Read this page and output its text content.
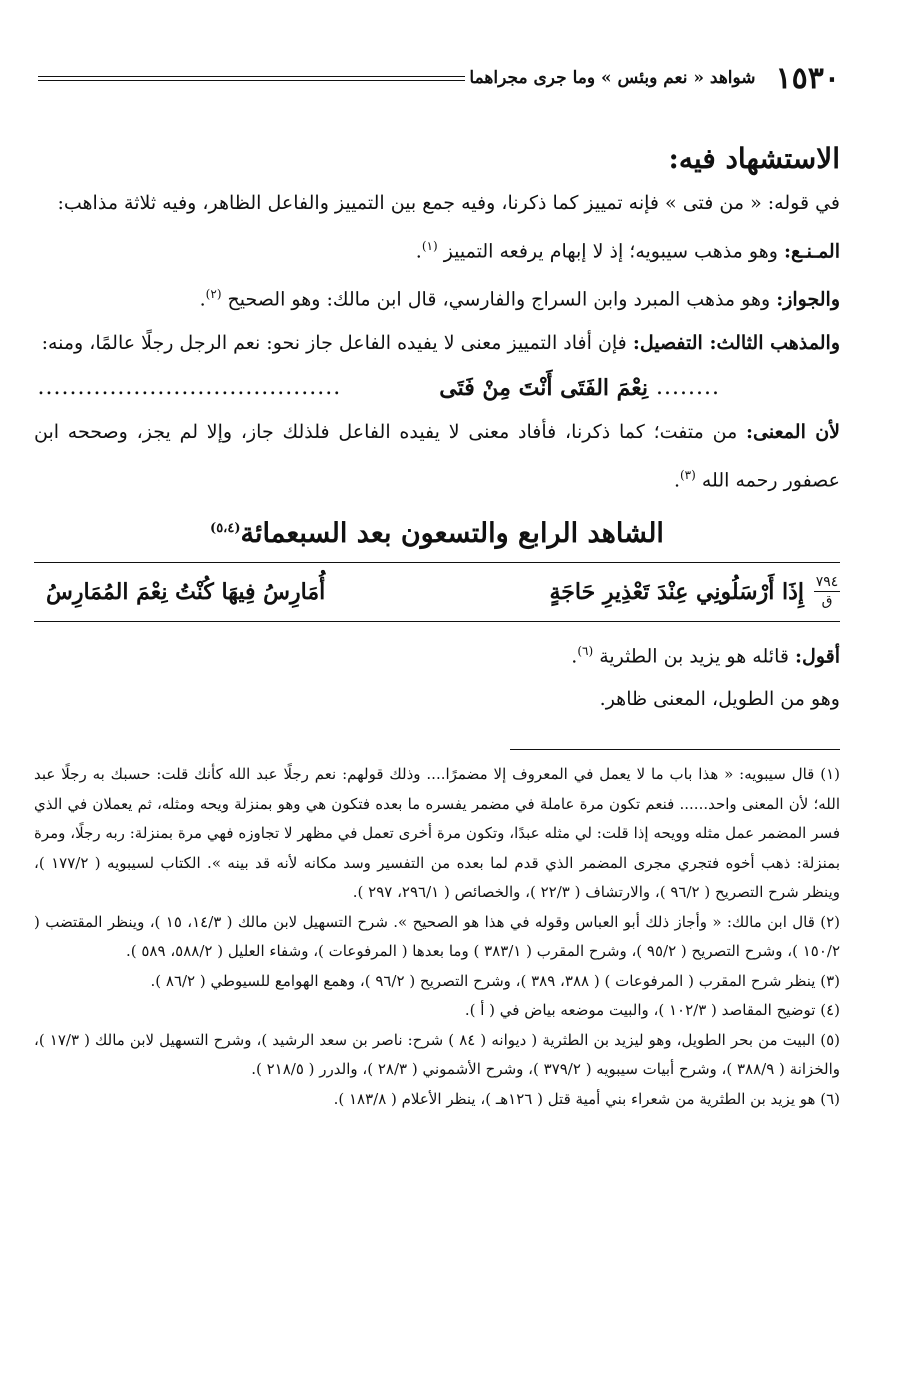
١٥٣٠
شواهد « نعم وبئس » وما جرى مجراهما
الاستشهاد فيه:
في قوله: « من فتى » فإنه تمييز كما ذكرنا، وفيه جمع بين التمييز والفاعل الظاهر، وفيه ثلاثة مذاهب:
المـنـع: وهو مذهب سيبويه؛ إذ لا إبهام يرفعه التمييز $^{(١)}$.
والجواز: وهو مذهب المبرد وابن السراج والفارسي، قال ابن مالك: وهو الصحيح $^{(٢)}$.
والمذهب الثالث: التفصيل: فإن أفاد التمييز معنى لا يفيده الفاعل جاز نحو: نعم الرجل رجلًا عالمًا، ومنه:
........
نِعْمَ الفَتَى أَنْتَ مِنْ فَتَى
......................................
لأن المعنى: من متفت؛ كما ذكرنا، فأفاد معنى لا يفيده الفاعل فلذلك جاز، وإلا لم يجز، وصححه ابن عصفور رحمه الله $^{(٣)}$.
الشاهد الرابع والتسعون بعد السبعمائة$^{(٥،٤)}$
٧٩٤
ق
إِذَا أَرْسَلُونِي عِنْدَ تَعْذِيرِ حَاجَةٍ
أُمَارِسُ فِيهَا كُنْتُ نِعْمَ المُمَارِسُ
أقول: قائله هو يزيد بن الطثرية $^{(٦)}$.
وهو من الطويل، المعنى ظاهر.
(١) قال سيبويه: « هذا باب ما لا يعمل في المعروف إلا مضمرًا.... وذلك قولهم: نعم رجلًا عبد الله كأنك قلت: حسبك به رجلًا عبد الله؛ لأن المعنى واحد...... فنعم تكون مرة عاملة في مضمر يفسره ما بعده فتكون هي وهو بمنزلة ويحه ومثله، ثم يعملان في الذي فسر المضمر عمل مثله وويحه إذا قلت: لي مثله عبدًا، وتكون مرة أخرى تعمل في مظهر لا تجاوزه فهي مرة بمنزلة: ربه رجلًا، ومرة بمنزلة: ذهب أخوه فتجري مجرى المضمر الذي قدم لما بعده من التفسير وسد مكانه لأنه قد بينه ». الكتاب لسيبويه ( ١٧٧/٢ )، وينظر شرح التصريح ( ٩٦/٢ )، والارتشاف ( ٢٢/٣ )، والخصائص ( ٢٩٦/١، ٢٩٧ ).
(٢) قال ابن مالك: « وأجاز ذلك أبو العباس وقوله في هذا هو الصحيح ». شرح التسهيل لابن مالك ( ١٤/٣، ١٥ )، وينظر المقتضب ( ١٥٠/٢ )، وشرح التصريح ( ٩٥/٢ )، وشرح المقرب ( ٣٨٣/١ ) وما بعدها ( المرفوعات )، وشفاء العليل ( ٥٨٨/٢، ٥٨٩ ).
(٣) ينظر شرح المقرب ( المرفوعات ) ( ٣٨٨، ٣٨٩ )، وشرح التصريح ( ٩٦/٢ )، وهمع الهوامع للسيوطي ( ٨٦/٢ ).
(٤) توضيح المقاصد ( ١٠٢/٣ )، والبيت موضعه بياض في ( أ ).
(٥) البيت من بحر الطويل، وهو ليزيد بن الطثرية ( ديوانه ( ٨٤ ) شرح: ناصر بن سعد الرشيد )، وشرح التسهيل لابن مالك ( ١٧/٣ )، والخزانة ( ٣٨٨/٩ )، وشرح أبيات سيبويه ( ٣٧٩/٢ )، وشرح الأشموني ( ٢٨/٣ )، والدرر ( ٢١٨/٥ ).
(٦) هو يزيد بن الطثرية من شعراء بني أمية قتل ( ١٢٦هـ )، ينظر الأعلام ( ١٨٣/٨ ).
